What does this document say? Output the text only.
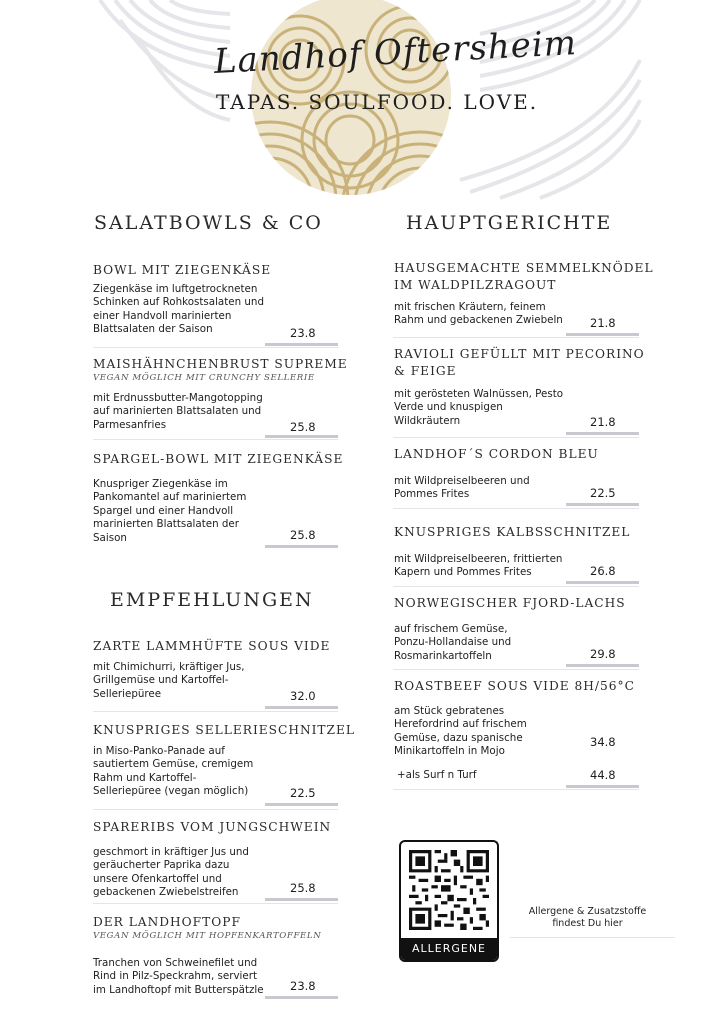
Landhof Oftersheim
TAPAS. SOULFOOD. LOVE.
SALATBOWLS & CO
BOWL MIT ZIEGENKÄSE
Ziegenkäse im luftgetrockneten
Schinken auf Rohkostsalaten und
einer Handvoll marinierten
Blattsalaten der Saison	23.8
MAISHÄHNCHENBRUST SUPREME
VEGAN MÖGLICH MIT CRUNCHY SELLERIE
mit Erdnussbutter-Mangotopping
auf marinierten Blattsalaten und
Parmesanfries	25.8
SPARGEL-BOWL MIT ZIEGENKÄSE
Knuspriger Ziegenkäse im
Pankomantel auf mariniertem
Spargel und einer Handvoll
marinierten Blattsalaten der
Saison	25.8
EMPFEHLUNGEN
ZARTE LAMMHÜFTE SOUS VIDE
mit Chimichurri, kräftiger Jus,
Grillgemüse und Kartoffel-
Selleriepüree	32.0
KNUSPRIGES SELLERIESCHNITZEL
in Miso-Panko-Panade auf
sautiertem Gemüse, cremigem
Rahm und Kartoffel-
Selleriepüree (vegan möglich)	22.5
SPARERIBS VOM JUNGSCHWEIN
geschmort in kräftiger Jus und
geräucherter Paprika dazu
unsere Ofenkartoffel und
gebackenen Zwiebelstreifen	25.8
DER LANDHOFTOPF
VEGAN MÖGLICH MIT HOPFENKARTOFFELN
Tranchen von Schweinefilet und
Rind in Pilz-Speckrahm, serviert
im Landhoftopf mit Butterspätzle	23.8
HAUPTGERICHTE
HAUSGEMACHTE SEMMELKNÖDEL
IM WALDPILZRAGOUT
mit frischen Kräutern, feinem
Rahm und gebackenen Zwiebeln	21.8
RAVIOLI GEFÜLLT MIT PECORINO
& FEIGE
mit gerösteten Walnüssen, Pesto
Verde und knuspigen
Wildkräutern	21.8
LANDHOF´S CORDON BLEU
mit Wildpreiselbeeren und
Pommes Frites	22.5
KNUSPRIGES KALBSSCHNITZEL
mit Wildpreiselbeeren, frittierten
Kapern und Pommes Frites	26.8
NORWEGISCHER FJORD-LACHS
auf frischem Gemüse,
Ponzu-Hollandaise und
Rosmarinkartoffeln	29.8
ROASTBEEF SOUS VIDE 8H/56°C
am Stück gebratenes
Herefordrind auf frischem
Gemüse, dazu spanische
Minikartoffeln in Mojo
34.8
+als Surf n Turf	44.8
ALLERGENE
Allergene & Zusatzstoffe
findest Du hier
